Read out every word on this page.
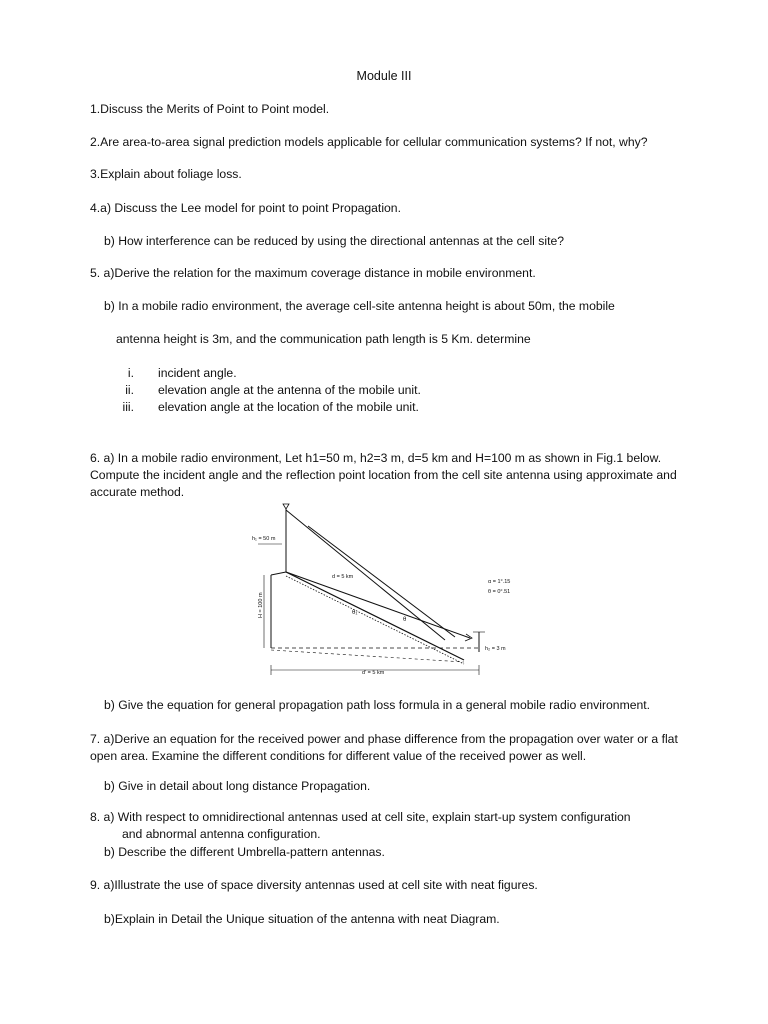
Module III
1.Discuss the Merits of Point to Point model.
2.Are area-to-area signal prediction models applicable for cellular communication systems? If not, why?
3.Explain about foliage loss.
4.a) Discuss the Lee model for point to point Propagation.
b) How interference can be reduced by using the directional antennas at the cell site?
5. a)Derive the relation for the maximum coverage distance in mobile environment.
b) In a mobile radio environment, the average cell-site antenna height is about 50m, the mobile
antenna height is 3m, and the communication path length is 5 Km. determine
i. incident angle.
ii. elevation angle at the antenna of the mobile unit.
iii. elevation angle at the location of the mobile unit.
6. a) In a mobile radio environment, Let h1=50 m, h2=3 m, d=5 km and H=100 m as shown in Fig.1 below. Compute the incident angle and the reflection point location from the cell site antenna using approximate and accurate method.
h₁ = 50 m
H = 100 m
d = 5 km
α = 1°.15
θ = 0°.51
θ₁
θ
h₂ = 3 m
d′ = 5 km
b) Give the equation for general propagation path loss formula in a general mobile radio environment.
7. a)Derive an equation for the received power and phase difference from the propagation over water or a flat open area. Examine the different conditions for different value of the received power as well.
b) Give in detail about long distance Propagation.
8. a) With respect to omnidirectional antennas used at cell site, explain start-up system configuration
and abnormal antenna configuration.
b) Describe the different Umbrella-pattern antennas.
9. a)Illustrate the use of space diversity antennas used at cell site with neat figures.
b)Explain in Detail the Unique situation of the antenna with neat Diagram.
